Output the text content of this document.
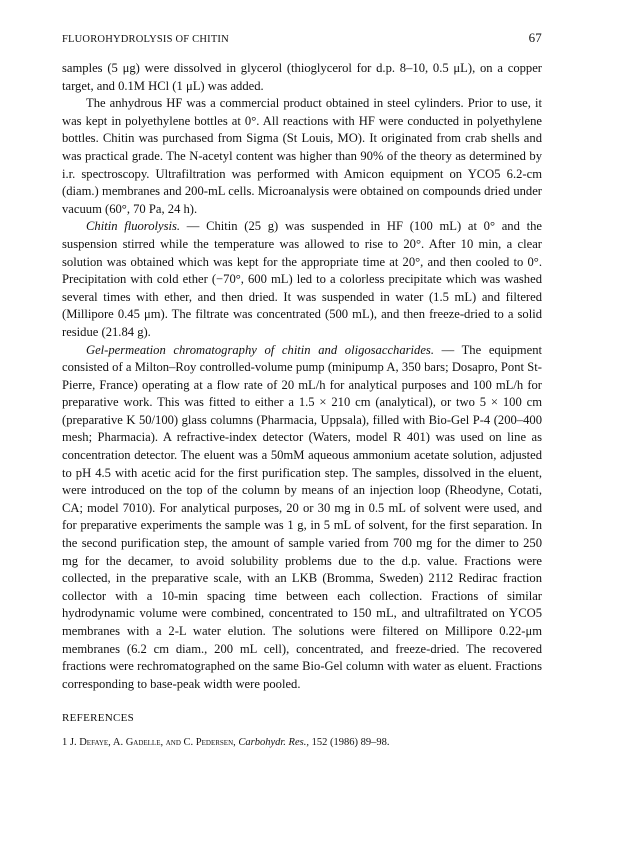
FLUOROHYDROLYSIS OF CHITIN	67

samples (5 μg) were dissolved in glycerol (thioglycerol for d.p. 8–10, 0.5 μL), on a copper target, and 0.1M HCl (1 μL) was added.

The anhydrous HF was a commercial product obtained in steel cylinders. Prior to use, it was kept in polyethylene bottles at 0°. All reactions with HF were conducted in polyethylene bottles. Chitin was purchased from Sigma (St Louis, MO). It originated from crab shells and was practical grade. The N-acetyl content was higher than 90% of the theory as determined by i.r. spectroscopy. Ultrafiltration was performed with Amicon equipment on YCO5 6.2-cm (diam.) membranes and 200-mL cells. Microanalysis were obtained on compounds dried under vacuum (60°, 70 Pa, 24 h).

Chitin fluorolysis. — Chitin (25 g) was suspended in HF (100 mL) at 0° and the suspension stirred while the temperature was allowed to rise to 20°. After 10 min, a clear solution was obtained which was kept for the appropriate time at 20°, and then cooled to 0°. Precipitation with cold ether (−70°, 600 mL) led to a colorless precipitate which was washed several times with ether, and then dried. It was suspended in water (1.5 mL) and filtered (Millipore 0.45 μm). The filtrate was concentrated (500 mL), and then freeze-dried to a solid residue (21.84 g).

Gel-permeation chromatography of chitin and oligosaccharides. — The equipment consisted of a Milton–Roy controlled-volume pump (minipump A, 350 bars; Dosapro, Pont St-Pierre, France) operating at a flow rate of 20 mL/h for analytical purposes and 100 mL/h for preparative work. This was fitted to either a 1.5 × 210 cm (analytical), or two 5 × 100 cm (preparative K 50/100) glass columns (Pharmacia, Uppsala), filled with Bio-Gel P-4 (200–400 mesh; Pharmacia). A refractive-index detector (Waters, model R 401) was used on line as concentration detector. The eluent was a 50mM aqueous ammonium acetate solution, adjusted to pH 4.5 with acetic acid for the first purification step. The samples, dissolved in the eluent, were introduced on the top of the column by means of an injection loop (Rheodyne, Cotati, CA; model 7010). For analytical purposes, 20 or 30 mg in 0.5 mL of solvent were used, and for preparative experiments the sample was 1 g, in 5 mL of solvent, for the first separation. In the second purification step, the amount of sample varied from 700 mg for the dimer to 250 mg for the decamer, to avoid solubility problems due to the d.p. value. Fractions were collected, in the preparative scale, with an LKB (Bromma, Sweden) 2112 Redirac fraction collector with a 10-min spacing time between each collection. Fractions of similar hydrodynamic volume were combined, concentrated to 150 mL, and ultrafiltrated on YCO5 membranes with a 2-L water elution. The solutions were filtered on Millipore 0.22-μm membranes (6.2 cm diam., 200 mL cell), concentrated, and freeze-dried. The recovered fractions were rechromatographed on the same Bio-Gel column with water as eluent. Fractions corresponding to base-peak width were pooled.

REFERENCES
1 J. Defaye, A. Gadelle, and C. Pedersen, Carbohydr. Res., 152 (1986) 89–98.
